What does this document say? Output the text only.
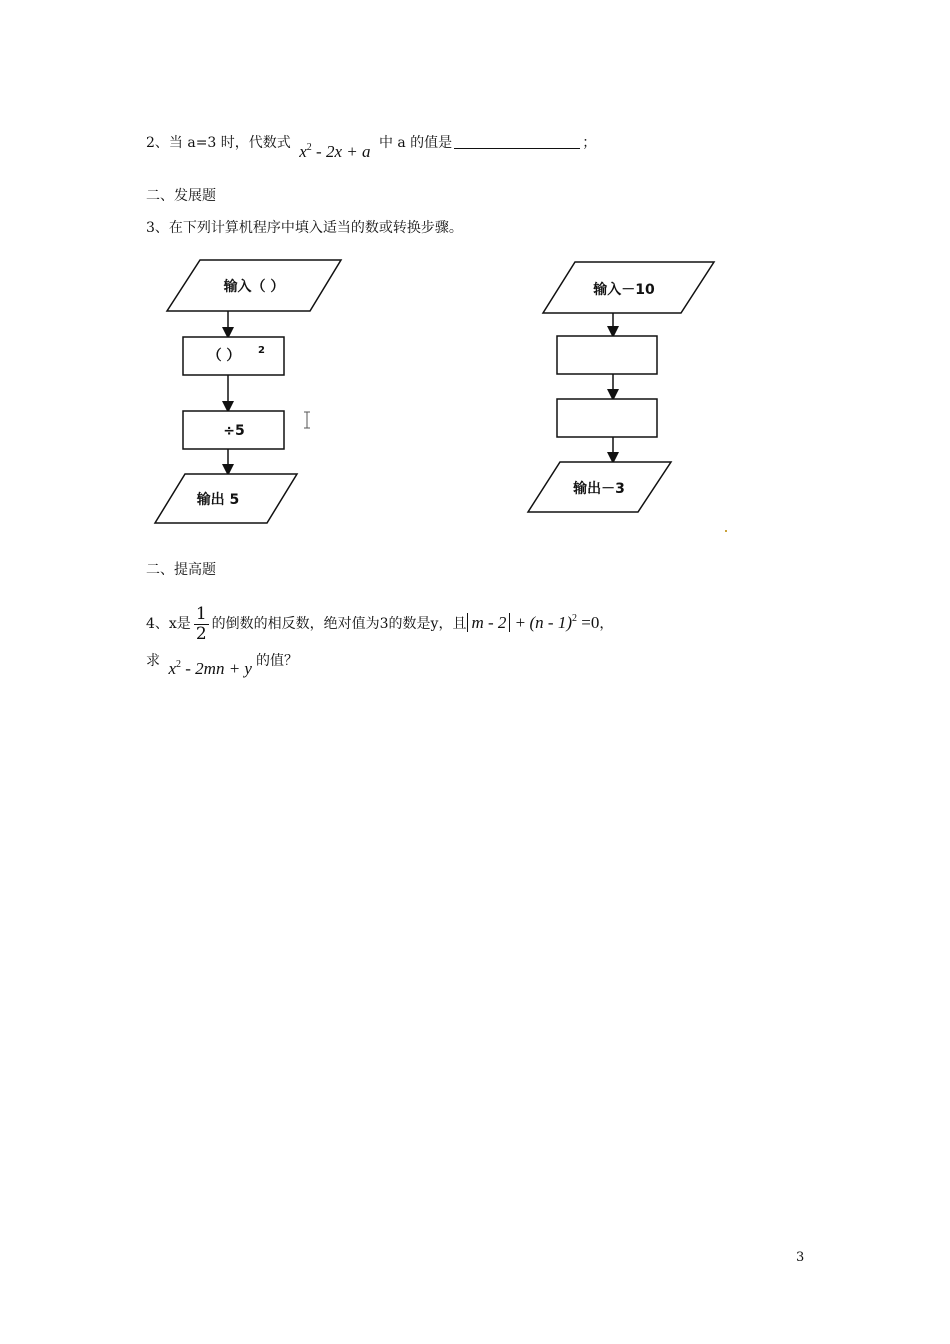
2、当 a=3 时，代数式 $x^2 - 2x + a$ 中 a 的值是	；
二、发展题
3、在下列计算机程序中填入适当的数或转换步骤。
输入（ ）
（ ） 2
÷5
输出 5
输入－10
输出－3
二、提高题
4、x是 $\frac{1}{2}$ 的倒数的相反数，绝对值为3的数是y，且 m - 2 + (n - 1)$^2$ =0，
求 $x^2 - 2mn + y$ 的值？
3
